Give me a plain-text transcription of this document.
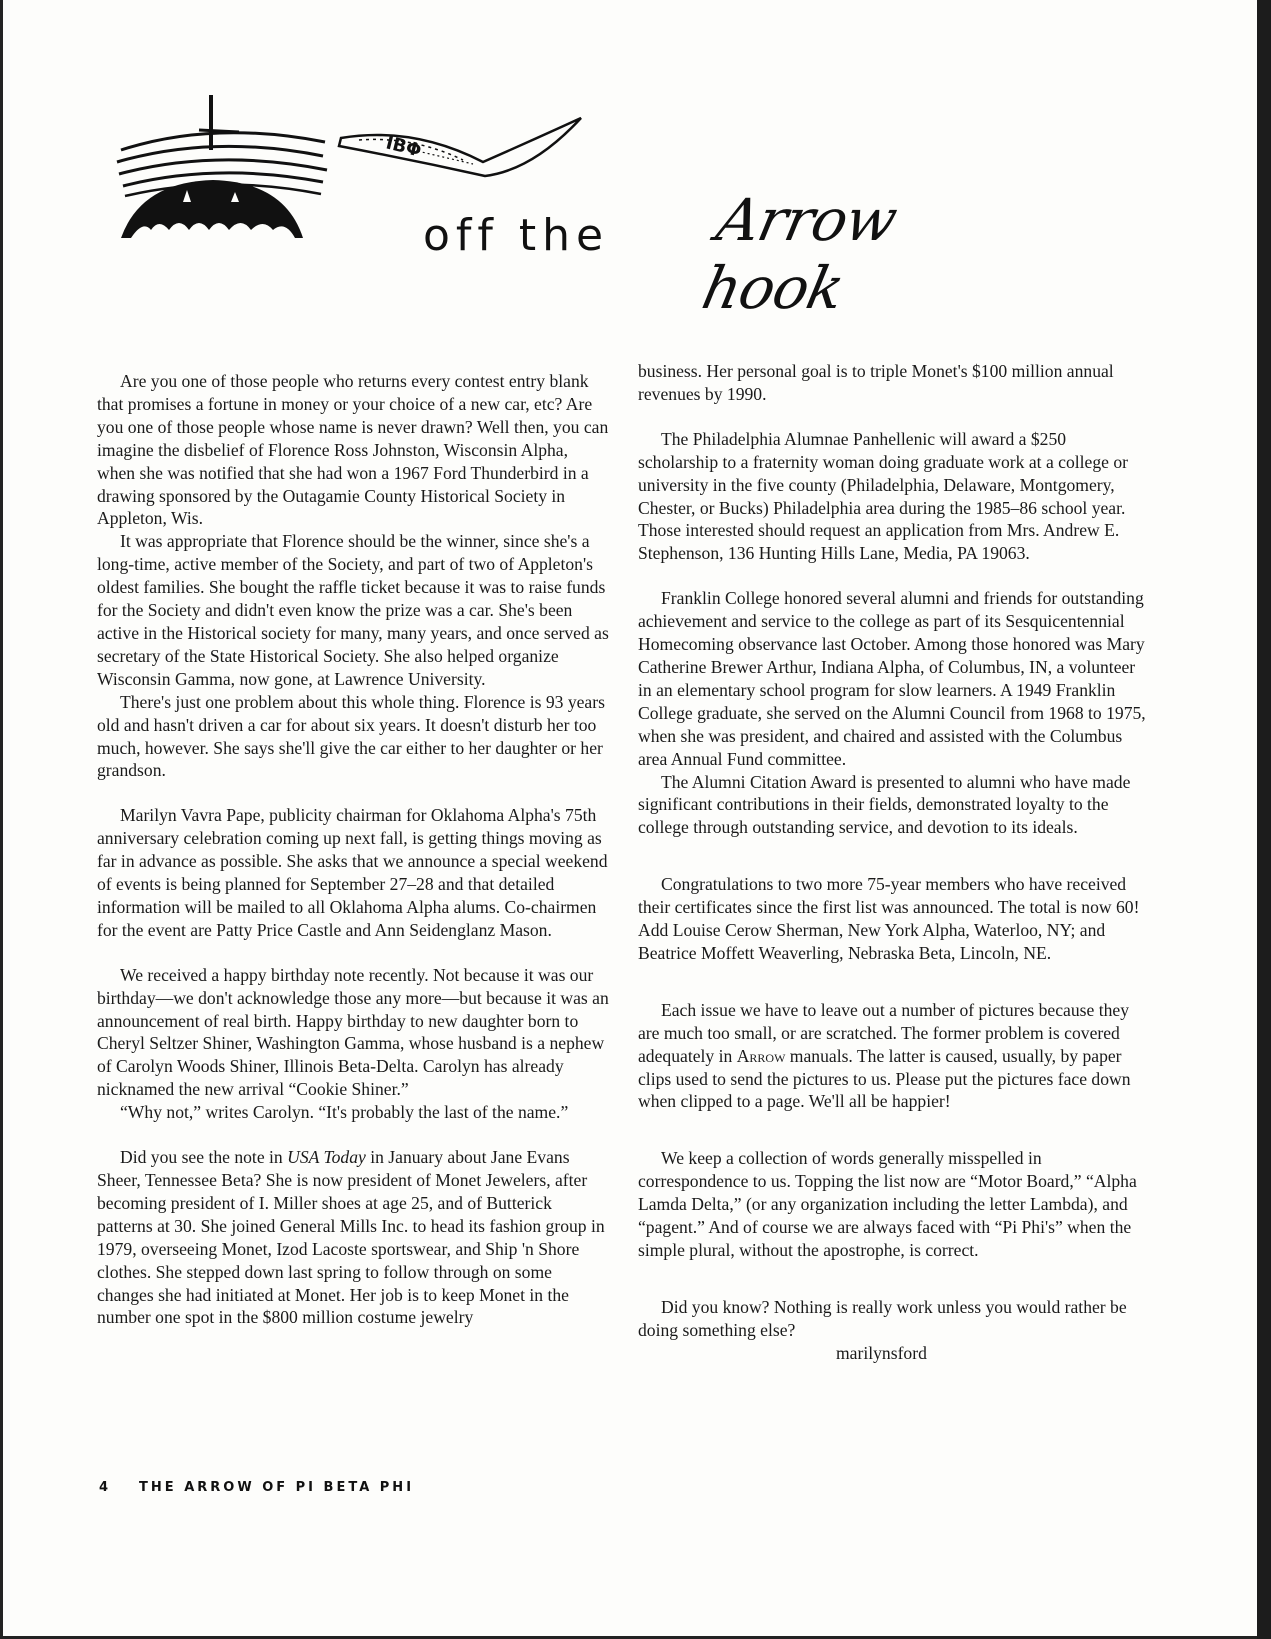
IBΦ
off the Arrow hook

Are you one of those people who returns every contest entry blank that promises a fortune in money or your choice of a new car, etc? Are you one of those people whose name is never drawn? Well then, you can imagine the disbelief of Florence Ross Johnston, Wisconsin Alpha, when she was notified that she had won a 1967 Ford Thunderbird in a drawing sponsored by the Outagamie County Historical Society in Appleton, Wis.

It was appropriate that Florence should be the winner, since she's a long-time, active member of the Society, and part of two of Appleton's oldest families. She bought the raffle ticket because it was to raise funds for the Society and didn't even know the prize was a car. She's been active in the Historical society for many, many years, and once served as secretary of the State Historical Society. She also helped organize Wisconsin Gamma, now gone, at Lawrence University.

There's just one problem about this whole thing. Florence is 93 years old and hasn't driven a car for about six years. It doesn't disturb her too much, however. She says she'll give the car either to her daughter or her grandson.

Marilyn Vavra Pape, publicity chairman for Oklahoma Alpha's 75th anniversary celebration coming up next fall, is getting things moving as far in advance as possible. She asks that we announce a special weekend of events is being planned for September 27–28 and that detailed information will be mailed to all Oklahoma Alpha alums. Co-chairmen for the event are Patty Price Castle and Ann Seidenglanz Mason.

We received a happy birthday note recently. Not because it was our birthday—we don't acknowledge those any more—but because it was an announcement of real birth. Happy birthday to new daughter born to Cheryl Seltzer Shiner, Washington Gamma, whose husband is a nephew of Carolyn Woods Shiner, Illinois Beta-Delta. Carolyn has already nicknamed the new arrival “Cookie Shiner.”

“Why not,” writes Carolyn. “It's probably the last of the name.”

Did you see the note in USA Today in January about Jane Evans Sheer, Tennessee Beta? She is now president of Monet Jewelers, after becoming president of I. Miller shoes at age 25, and of Butterick patterns at 30. She joined General Mills Inc. to head its fashion group in 1979, overseeing Monet, Izod Lacoste sportswear, and Ship 'n Shore clothes. She stepped down last spring to follow through on some changes she had initiated at Monet. Her job is to keep Monet in the number one spot in the $800 million costume jewelry

business. Her personal goal is to triple Monet's $100 million annual revenues by 1990.

The Philadelphia Alumnae Panhellenic will award a $250 scholarship to a fraternity woman doing graduate work at a college or university in the five county (Philadelphia, Delaware, Montgomery, Chester, or Bucks) Philadelphia area during the 1985–86 school year. Those interested should request an application from Mrs. Andrew E. Stephenson, 136 Hunting Hills Lane, Media, PA 19063.

Franklin College honored several alumni and friends for outstanding achievement and service to the college as part of its Sesquicentennial Homecoming observance last October. Among those honored was Mary Catherine Brewer Arthur, Indiana Alpha, of Columbus, IN, a volunteer in an elementary school program for slow learners. A 1949 Franklin College graduate, she served on the Alumni Council from 1968 to 1975, when she was president, and chaired and assisted with the Columbus area Annual Fund committee.

The Alumni Citation Award is presented to alumni who have made significant contributions in their fields, demonstrated loyalty to the college through outstanding service, and devotion to its ideals.

Congratulations to two more 75-year members who have received their certificates since the first list was announced. The total is now 60! Add Louise Cerow Sherman, New York Alpha, Waterloo, NY; and Beatrice Moffett Weaverling, Nebraska Beta, Lincoln, NE.

Each issue we have to leave out a number of pictures because they are much too small, or are scratched. The former problem is covered adequately in Arrow manuals. The latter is caused, usually, by paper clips used to send the pictures to us. Please put the pictures face down when clipped to a page. We'll all be happier!

We keep a collection of words generally misspelled in correspondence to us. Topping the list now are “Motor Board,” “Alpha Lamda Delta,” (or any organization including the letter Lambda), and “pagent.” And of course we are always faced with “Pi Phi's” when the simple plural, without the apostrophe, is correct.

Did you know? Nothing is really work unless you would rather be doing something else?

marilynsford

4 THE ARROW OF PI BETA PHI
